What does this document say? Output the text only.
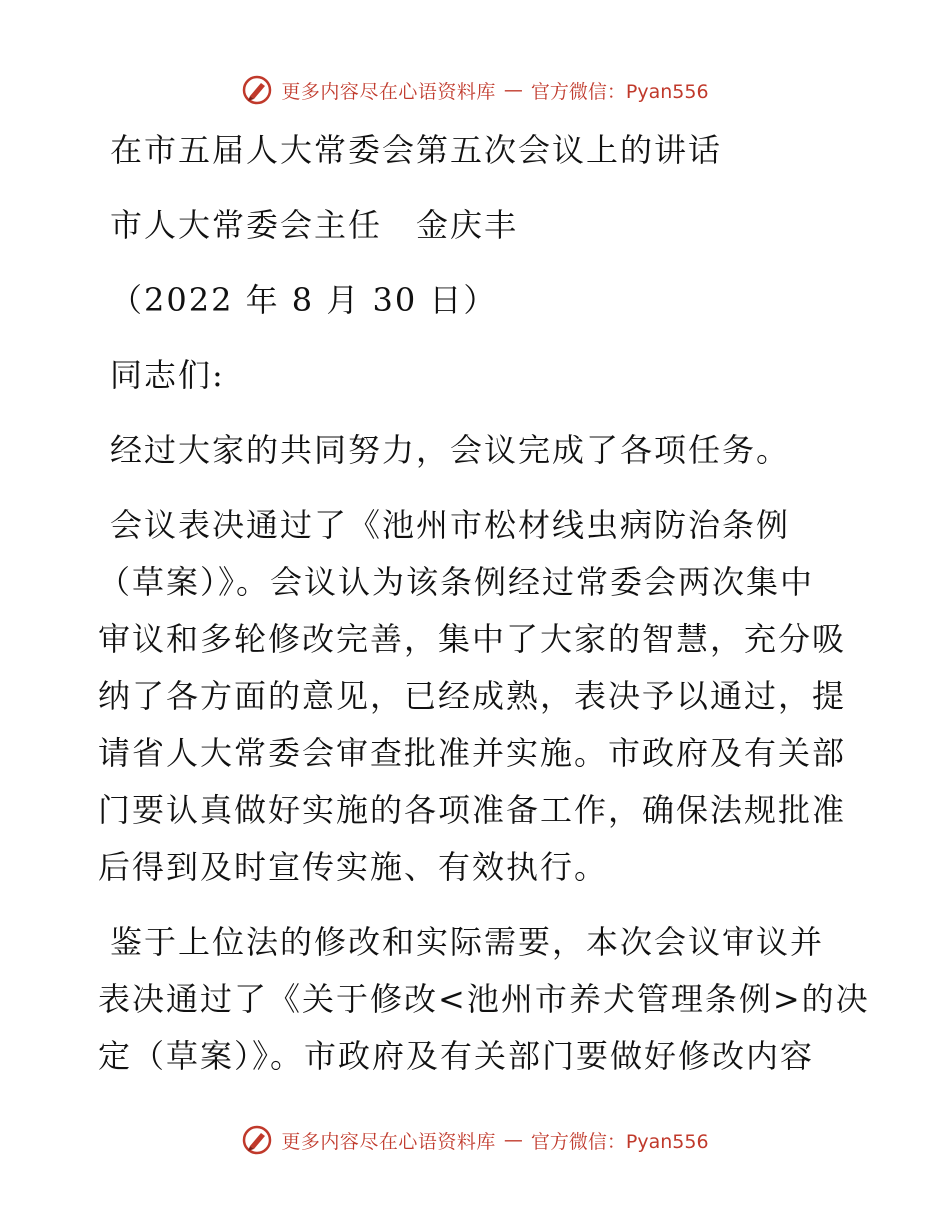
更多内容尽在心语资料库 — 官方微信：Pyan556
在市五届人大常委会第五次会议上的讲话
市人大常委会主任　金庆丰
（2022 年 8 月 30 日）
同志们:
经过大家的共同努力，会议完成了各项任务。
会议表决通过了《池州市松材线虫病防治条例
（草案）》。会议认为该条例经过常委会两次集中
审议和多轮修改完善，集中了大家的智慧，充分吸
纳了各方面的意见，已经成熟，表决予以通过，提
请省人大常委会审查批准并实施。市政府及有关部
门要认真做好实施的各项准备工作，确保法规批准
后得到及时宣传实施、有效执行。
鉴于上位法的修改和实际需要，本次会议审议并
表决通过了《关于修改<池州市养犬管理条例>的决
定（草案）》。市政府及有关部门要做好修改内容
更多内容尽在心语资料库 — 官方微信：Pyan556
